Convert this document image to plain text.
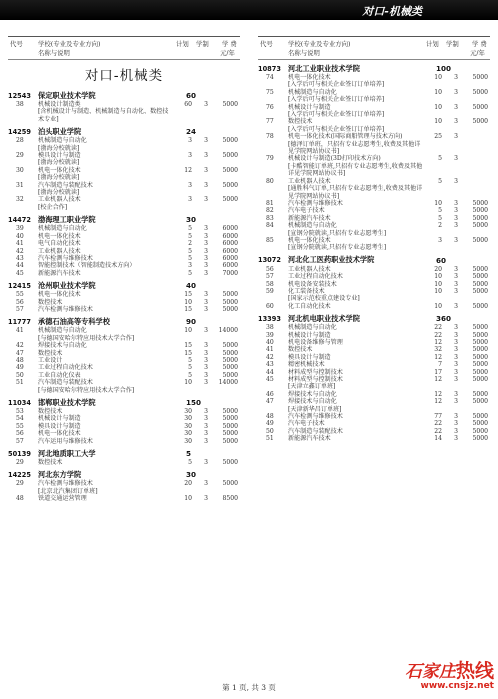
对口-机械类
代号 学校(专业及专业方向)
名称与说明
计划 学制 学 费
元/年
对口-机械类
12543 保定职业技术学院	60
38	机械设计制造类
[含机械设计与制造、机械制造与自动化、数控技术专业]
60	3	5000
14259 泊头职业学院	24
28	机械制造与自动化
[渤海分校就读]
3	3	5000
29	模具设计与制造
[渤海分校就读]
3	3	5000
30	机电一体化技术
[渤海分校就读]
12	3	5000
31	汽车制造与装配技术
[渤海分校就读]
3	3	5000
32	工业机器人技术
[校企合作]
3	3	5000
14472 渤海理工职业学院	30
39	机械制造与自动化	5	3	6000
40	机电一体化技术	5	3	6000
41	电气自动化技术	2	3	6000
42	工业机器人技术	5	3	6000
43	汽车检测与维修技术	5	3	6000
44	智能控制技术（智能制造技术方向）	3	3	6000
45	新能源汽车技术	5	3	7000
12415 沧州职业技术学院	40
55	机电一体化技术	15	3	5000
56	数控技术	10	3	5000
57	汽车检测与维修技术	15	3	5000
11777 承德石油高等专科学校	90
41	机械制造与自动化
[与德国安哈尔特应用技术大学合作]
10	3	14000
42	焊接技术与自动化	15	3	5000
47	数控技术	15	3	5000
48	工业设计	5	3	5000
49	工业过程自动化技术	5	3	5000
50	工业自动化仪表	5	3	5000
51	汽车制造与装配技术
[与德国安哈尔特应用技术大学合作]
10	3	14000
11034 邯郸职业技术学院	150
53	数控技术	30	3	5000
54	机械设计与制造	30	3	5000
55	模具设计与制造	30	3	5000
56	机电一体化技术	30	3	5000
57	汽车运用与维修技术	30	3	5000
50139 河北地质职工大学	5
29	数控技术	5	3	5000
14225 河北东方学院	30
29	汽车检测与维修技术
[北京北汽集团订单班]
20	3	5000
48	铁道交通运营管理	10	3	8500
代号 学校(专业及专业方向)
名称与说明
计划 学制 学 费
元/年
10873 河北工业职业技术学院	100
74	机电一体化技术
[入学后可与相关企业签订订单培养]
10	3	5000
75	机械制造与自动化
[入学后可与相关企业签订订单培养]
10	3	5000
76	机械设计与制造
[入学后可与相关企业签订订单培养]
10	3	5000
77	数控技术
[入学后可与相关企业签订订单培养]
10	3	5000
78	机电一体化技术(国际商船管理与技术方向)
[德泽订单班，只招有专业志愿考生,收费及其他详见学院网站协议书]
25	3
79	机械设计与制造(3D打印技术方向)
[卡酷智能订单班,只招有专业志愿考生,收费及其他详见学院网站协议书]
5	3
80	工业机器人技术
[通胜科气订单,只招有专业志愿考生,收费及其他详见学院网站协议书]
5	3
81	汽车检测与维修技术	10	3	5000
82	汽车电子技术	5	3	5000
83	新能源汽车技术	5	3	5000
84	机械制造与自动化
[宣钢分院就读,只招有专业志愿考生]
2	3	5000
85	机电一体化技术
[宣钢分院就读,只招有专业志愿考生]
3	3	5000
13072 河北化工医药职业技术学院	60
56	工业机器人技术	20	3	5000
57	工业过程自动化技术	10	3	5000
58	机电设备安装技术	10	3	5000
59	化工装备技术
[国家示范校重点建设专业]
10	3	5000
60	化工自动化技术	10	3	5000
13393 河北机电职业技术学院	360
38	机械制造与自动化	22	3	5000
39	机械设计与制造	22	3	5000
40	机电设备维修与管理	12	3	5000
41	数控技术	32	3	5000
42	模具设计与制造	12	3	5000
43	精密机械技术	7	3	5000
44	材料成型与控制技术	17	3	5000
45	材料成型与控制技术
[天津立鑫订单班]
12	3	5000
46	焊接技术与自动化	12	3	5000
47	焊接技术与自动化
[天津新华昌订单班]
12	3	5000
48	汽车检测与维修技术	77	3	5000
49	汽车电子技术	22	3	5000
50	汽车制造与装配技术	22	3	5000
51	新能源汽车技术	14	3	5000
第 1 页, 共 3 页
石家庄热线
www.cnsjz.net
